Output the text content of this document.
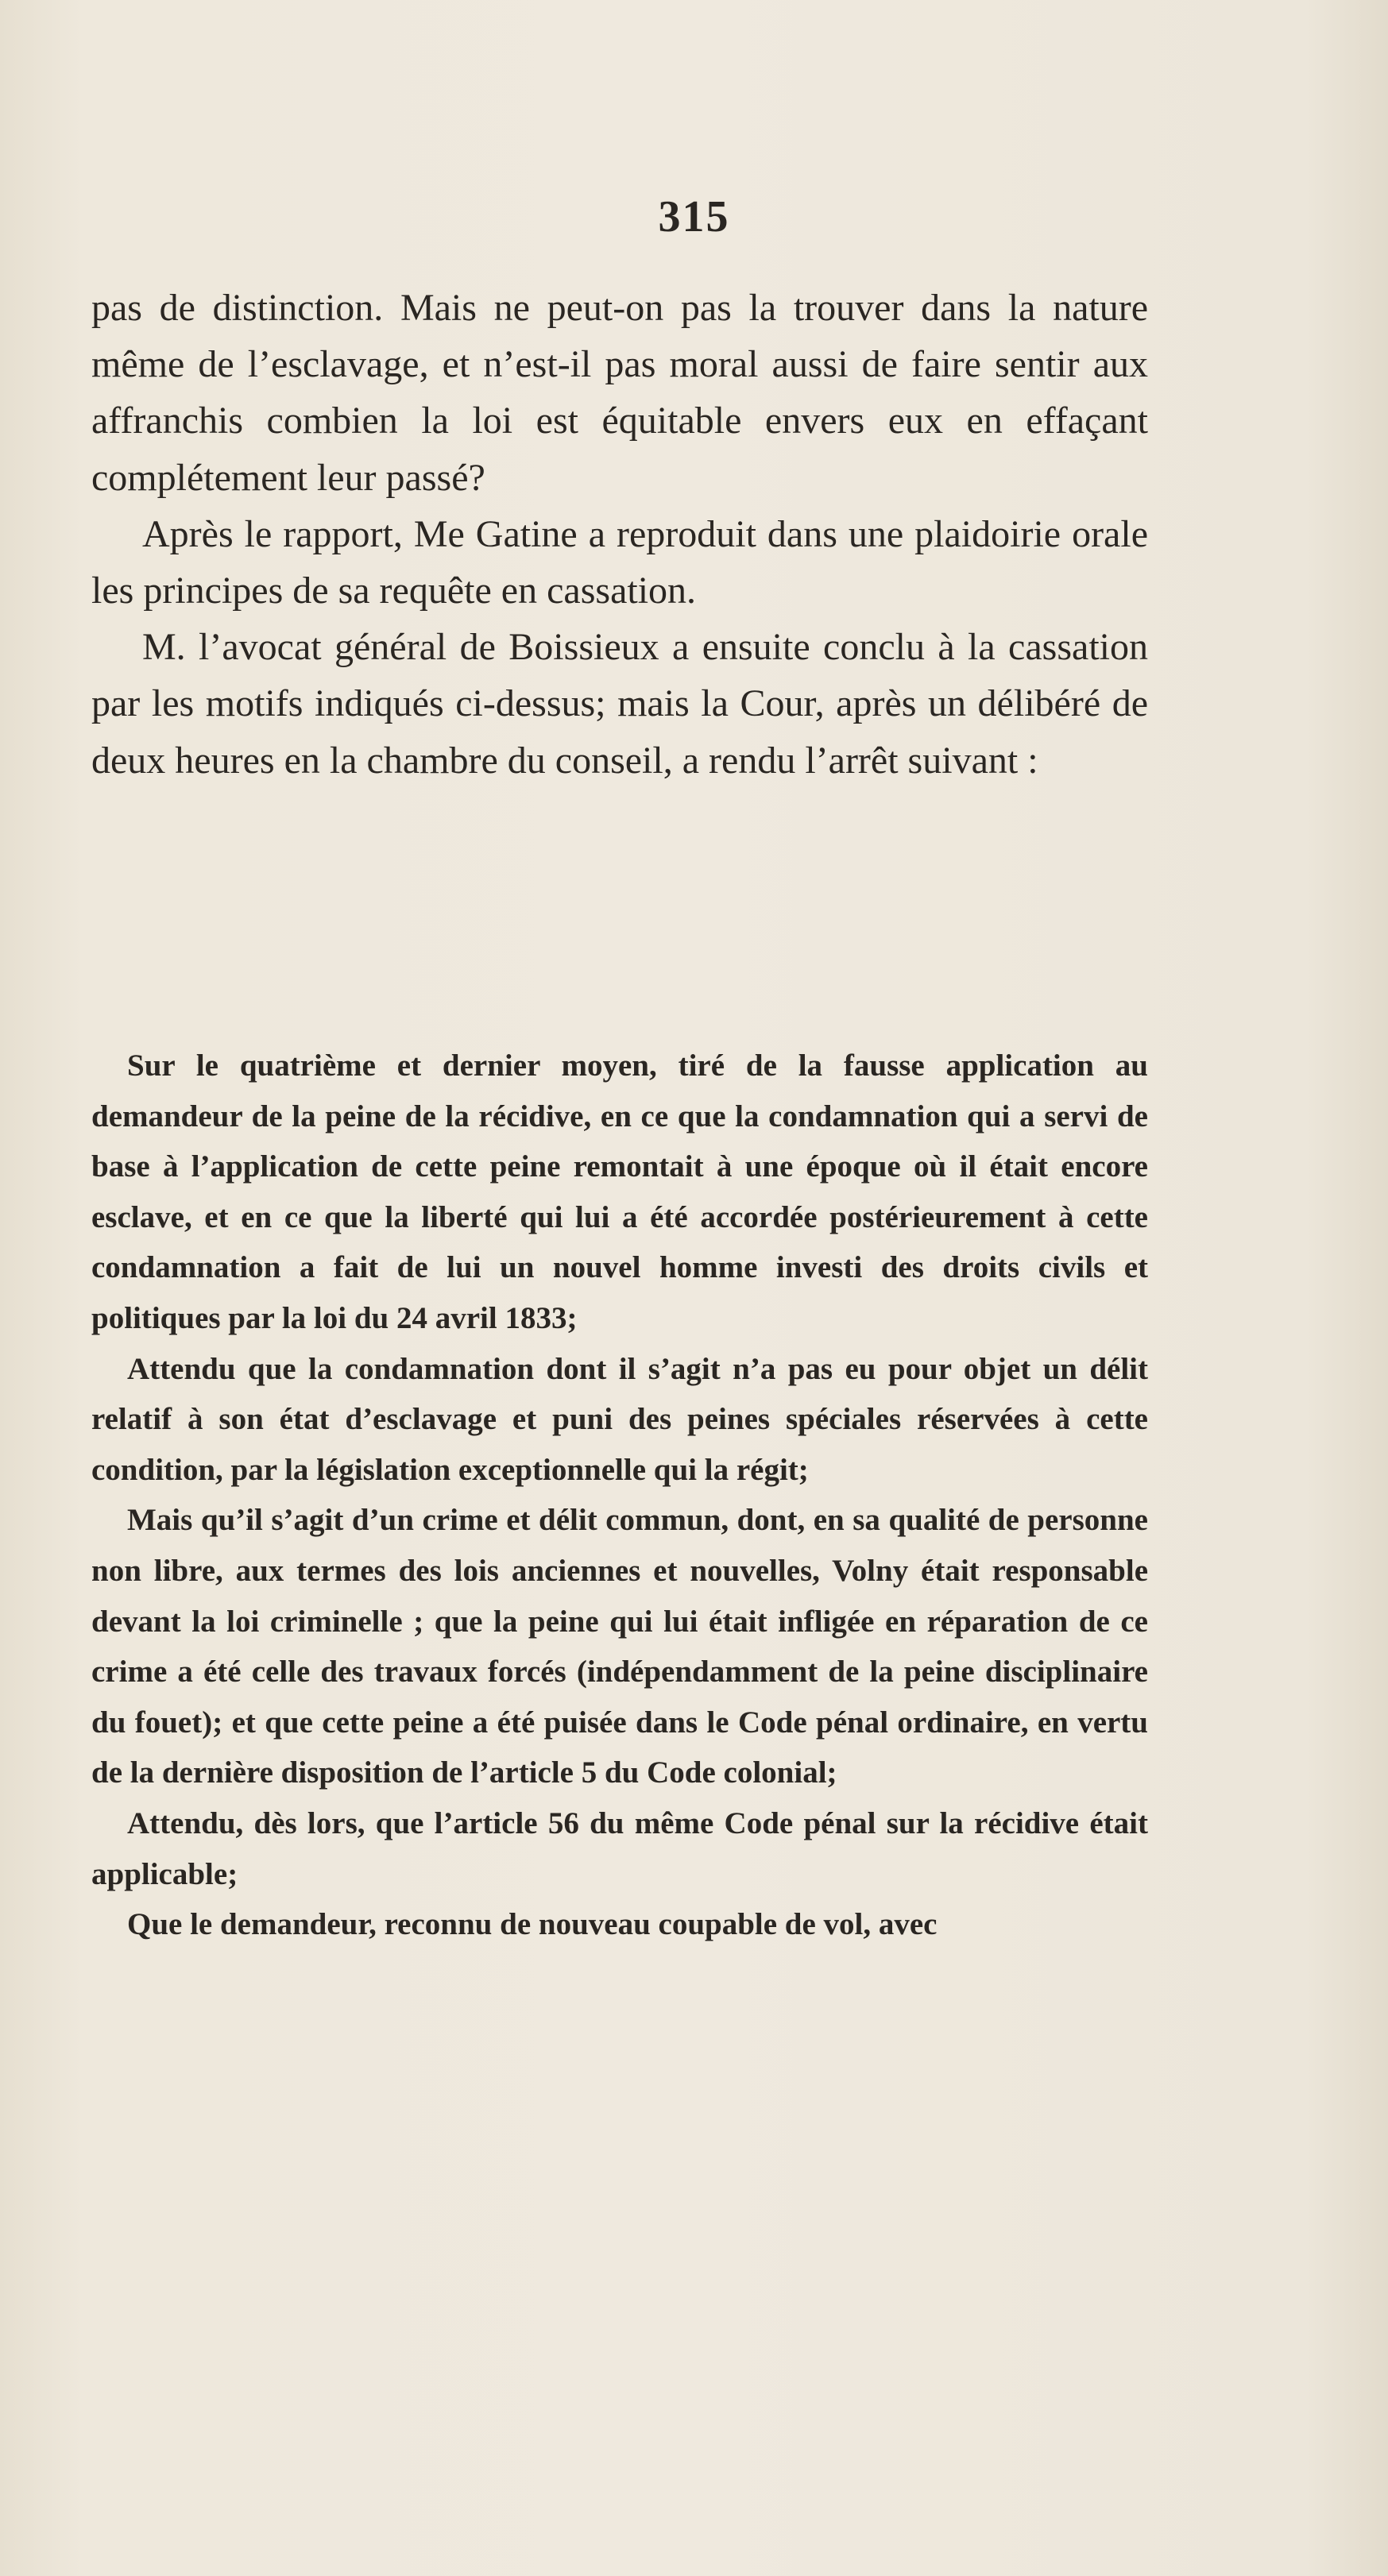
315

pas de distinction. Mais ne peut-on pas la trouver dans la nature même de l’esclavage, et n’est-il pas moral aussi de faire sentir aux affranchis combien la loi est équitable envers eux en effaçant complétement leur passé?

Après le rapport, Me Gatine a reproduit dans une plaidoirie orale les principes de sa requête en cassation.

M. l’avocat général de Boissieux a ensuite conclu à la cassation par les motifs indiqués ci-dessus; mais la Cour, après un délibéré de deux heures en la chambre du conseil, a rendu l’arrêt suivant :

Sur le quatrième et dernier moyen, tiré de la fausse application au demandeur de la peine de la récidive, en ce que la condamnation qui a servi de base à l’application de cette peine remontait à une époque où il était encore esclave, et en ce que la liberté qui lui a été accordée postérieurement à cette condamnation a fait de lui un nouvel homme investi des droits civils et politiques par la loi du 24 avril 1833;

Attendu que la condamnation dont il s’agit n’a pas eu pour objet un délit relatif à son état d’esclavage et puni des peines spéciales réservées à cette condition, par la législation exceptionnelle qui la régit;

Mais qu’il s’agit d’un crime et délit commun, dont, en sa qualité de personne non libre, aux termes des lois anciennes et nouvelles, Volny était responsable devant la loi criminelle ; que la peine qui lui était infligée en réparation de ce crime a été celle des travaux forcés (indépendamment de la peine disciplinaire du fouet); et que cette peine a été puisée dans le Code pénal ordinaire, en vertu de la dernière disposition de l’article 5 du Code colonial;

Attendu, dès lors, que l’article 56 du même Code pénal sur la récidive était applicable;

Que le demandeur, reconnu de nouveau coupable de vol, avec
